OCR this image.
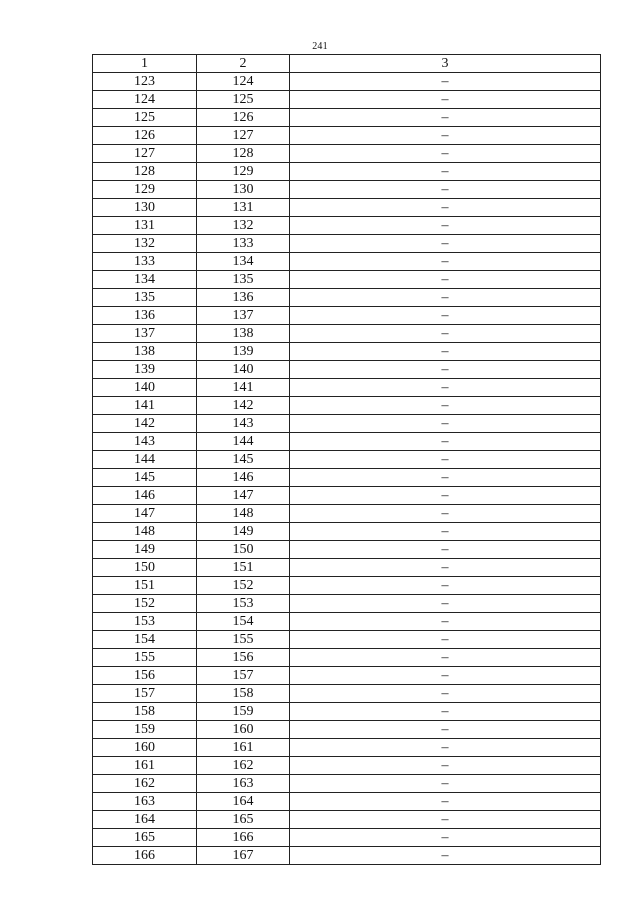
241
1	2	3
123	124	–
124	125	–
125	126	–
126	127	–
127	128	–
128	129	–
129	130	–
130	131	–
131	132	–
132	133	–
133	134	–
134	135	–
135	136	–
136	137	–
137	138	–
138	139	–
139	140	–
140	141	–
141	142	–
142	143	–
143	144	–
144	145	–
145	146	–
146	147	–
147	148	–
148	149	–
149	150	–
150	151	–
151	152	–
152	153	–
153	154	–
154	155	–
155	156	–
156	157	–
157	158	–
158	159	–
159	160	–
160	161	–
161	162	–
162	163	–
163	164	–
164	165	–
165	166	–
166	167	–
